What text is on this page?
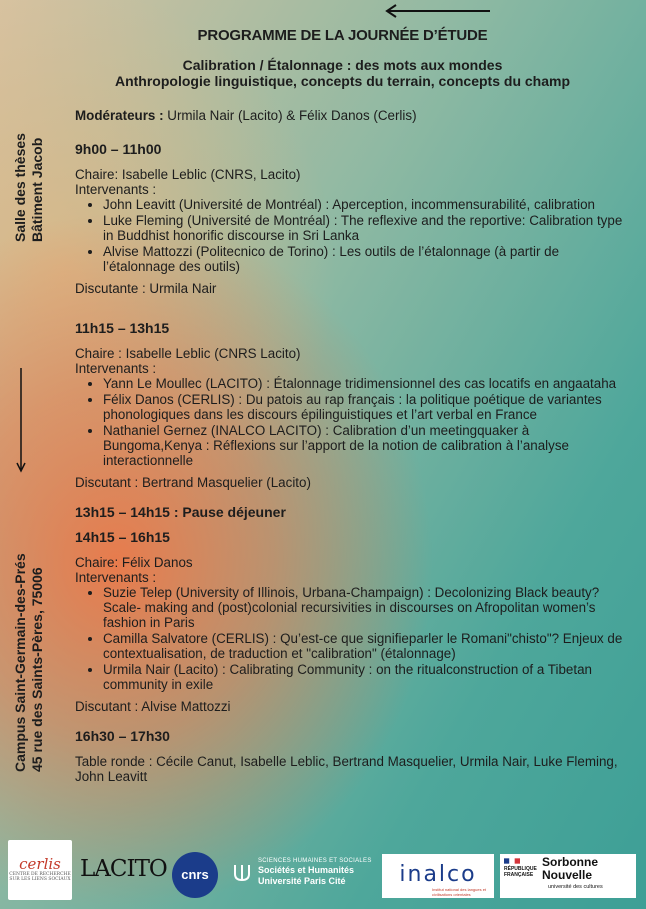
PROGRAMME DE LA JOURNÉE D’ÉTUDE
Calibration / Étalonnage : des mots aux mondes
Anthropologie linguistique, concepts du terrain, concepts du champ
Salle des thèses Bâtiment Jacob
Campus Saint-Germain-des-Prés 45 rue des Saints-Pères, 75006

Modérateurs : Urmila Nair (Lacito) & Félix Danos (Cerlis)

9h00 – 11h00

Chaire: Isabelle Leblic (CNRS, Lacito)

Intervenants :

• John Leavitt (Université de Montréal) : Aperception, incommensurabilité, calibration
• Luke Fleming (Université de Montréal) : The reflexive and the reportive: Calibration type in Buddhist honorific discourse in Sri Lanka
• Alvise Mattozzi (Politecnico de Torino) : Les outils de l’étalonnage (à partir de l’étalonnage des outils)

Discutante : Urmila Nair

11h15 – 13h15

Chaire : Isabelle Leblic (CNRS Lacito)

Intervenants :

• Yann Le Moullec (LACITO) : Étalonnage tridimensionnel des cas locatifs en angaataha
• Félix Danos (CERLIS) : Du patois au rap français : la politique poétique de variantes phonologiques dans les discours épilinguistiques et l’art verbal en France
• Nathaniel Gernez (INALCO LACITO) : Calibration d’un meetingquaker à Bungoma,Kenya : Réflexions sur l’apport de la notion de calibration à l’analyse interactionnelle

Discutant : Bertrand Masquelier (Lacito)

13h15 – 14h15 : Pause déjeuner

14h15 – 16h15

Chaire: Félix Danos

Intervenants :

• Suzie Telep (University of Illinois, Urbana-Champaign) : Decolonizing Black beauty? Scale- making and (post)colonial recursivities in discourses on Afropolitan women’s fashion in Paris
• Camilla Salvatore (CERLIS) : Qu’est-ce que signifieparler le Romani"chisto"? Enjeux de contextualisation, de traduction et "calibration" (étalonnage)
• Urmila Nair (Lacito) : Calibrating Community : on the ritualconstruction of a Tibetan community in exile

Discutant : Alvise Mattozzi

16h30 – 17h30

Table ronde : Cécile Canut, Isabelle Leblic, Bertrand Masquelier, Urmila Nair, Luke Fleming, John Leavitt

cerlis
CENTRE DE RECHERCHE SUR LES LIENS SOCIAUX LACITO	cnrs
SCIENCES HUMAINES ET SOCIALES
Sociétés et Humanités
Université Paris Cité	inalco
Institut national des langues et civilisations orientales
RÉPUBLIQUE FRANÇAISE
Sorbonne
Nouvelle
université des cultures
